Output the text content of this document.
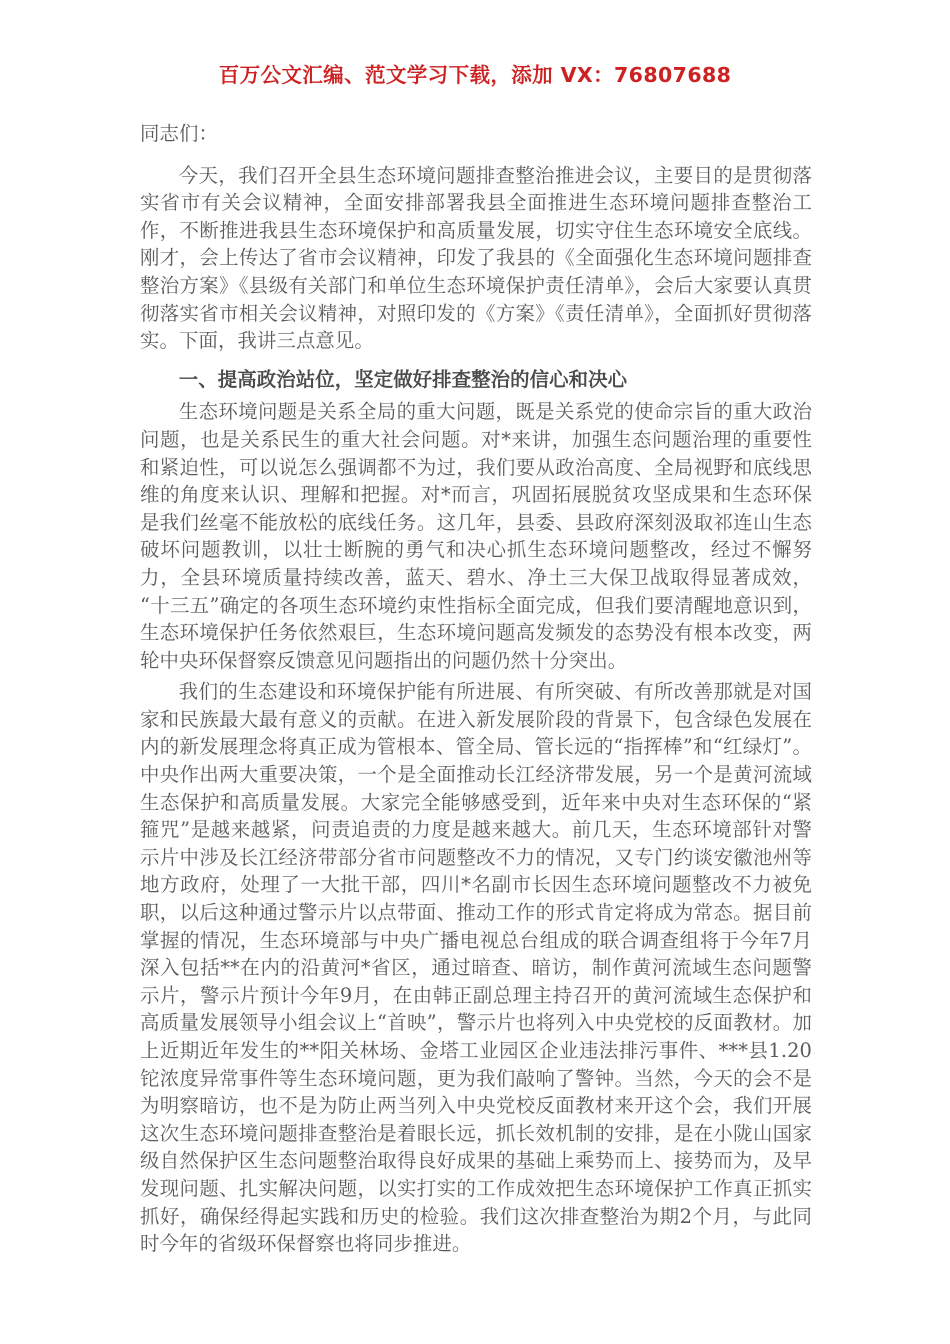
百万公文汇编、范文学习下载，添加 VX：76807688
同志们：

今天，我们召开全县生态环境问题排查整治推进会议，主要目的是贯彻落实省市有关会议精神，全面安排部署我县全面推进生态环境问题排查整治工作，不断推进我县生态环境保护和高质量发展，切实守住生态环境安全底线。刚才，会上传达了省市会议精神，印发了我县的《全面强化生态环境问题排查整治方案》《县级有关部门和单位生态环境保护责任清单》，会后大家要认真贯彻落实省市相关会议精神，对照印发的《方案》《责任清单》，全面抓好贯彻落实。下面，我讲三点意见。

一、提高政治站位，坚定做好排查整治的信心和决心

生态环境问题是关系全局的重大问题，既是关系党的使命宗旨的重大政治问题，也是关系民生的重大社会问题。对*来讲，加强生态问题治理的重要性和紧迫性，可以说怎么强调都不为过，我们要从政治高度、全局视野和底线思维的角度来认识、理解和把握。对*而言，巩固拓展脱贫攻坚成果和生态环保是我们丝毫不能放松的底线任务。这几年，县委、县政府深刻汲取祁连山生态破坏问题教训，以壮士断腕的勇气和决心抓生态环境问题整改，经过不懈努力，全县环境质量持续改善，蓝天、碧水、净土三大保卫战取得显著成效，“十三五”确定的各项生态环境约束性指标全面完成，但我们要清醒地意识到，生态环境保护任务依然艰巨，生态环境问题高发频发的态势没有根本改变，两轮中央环保督察反馈意见问题指出的问题仍然十分突出。

我们的生态建设和环境保护能有所进展、有所突破、有所改善那就是对国家和民族最大最有意义的贡献。在进入新发展阶段的背景下，包含绿色发展在内的新发展理念将真正成为管根本、管全局、管长远的“指挥棒”和“红绿灯”。中央作出两大重要决策，一个是全面推动长江经济带发展，另一个是黄河流域生态保护和高质量发展。大家完全能够感受到，近年来中央对生态环保的“紧箍咒”是越来越紧，问责追责的力度是越来越大。前几天，生态环境部针对警示片中涉及长江经济带部分省市问题整改不力的情况，又专门约谈安徽池州等地方政府，处理了一大批干部，四川*名副市长因生态环境问题整改不力被免职，以后这种通过警示片以点带面、推动工作的形式肯定将成为常态。据目前掌握的情况，生态环境部与中央广播电视总台组成的联合调查组将于今年7月深入包括**在内的沿黄河*省区，通过暗查、暗访，制作黄河流域生态问题警示片，警示片预计今年9月，在由韩正副总理主持召开的黄河流域生态保护和高质量发展领导小组会议上“首映”，警示片也将列入中央党校的反面教材。加上近期近年发生的**阳关林场、金塔工业园区企业违法排污事件、***县1.20铊浓度异常事件等生态环境问题，更为我们敲响了警钟。当然，今天的会不是为明察暗访，也不是为防止两当列入中央党校反面教材来开这个会，我们开展这次生态环境问题排查整治是着眼长远，抓长效机制的安排，是在小陇山国家级自然保护区生态问题整治取得良好成果的基础上乘势而上、接势而为，及早发现问题、扎实解决问题，以实打实的工作成效把生态环境保护工作真正抓实抓好，确保经得起实践和历史的检验。我们这次排查整治为期2个月，与此同时今年的省级环保督察也将同步推进。
